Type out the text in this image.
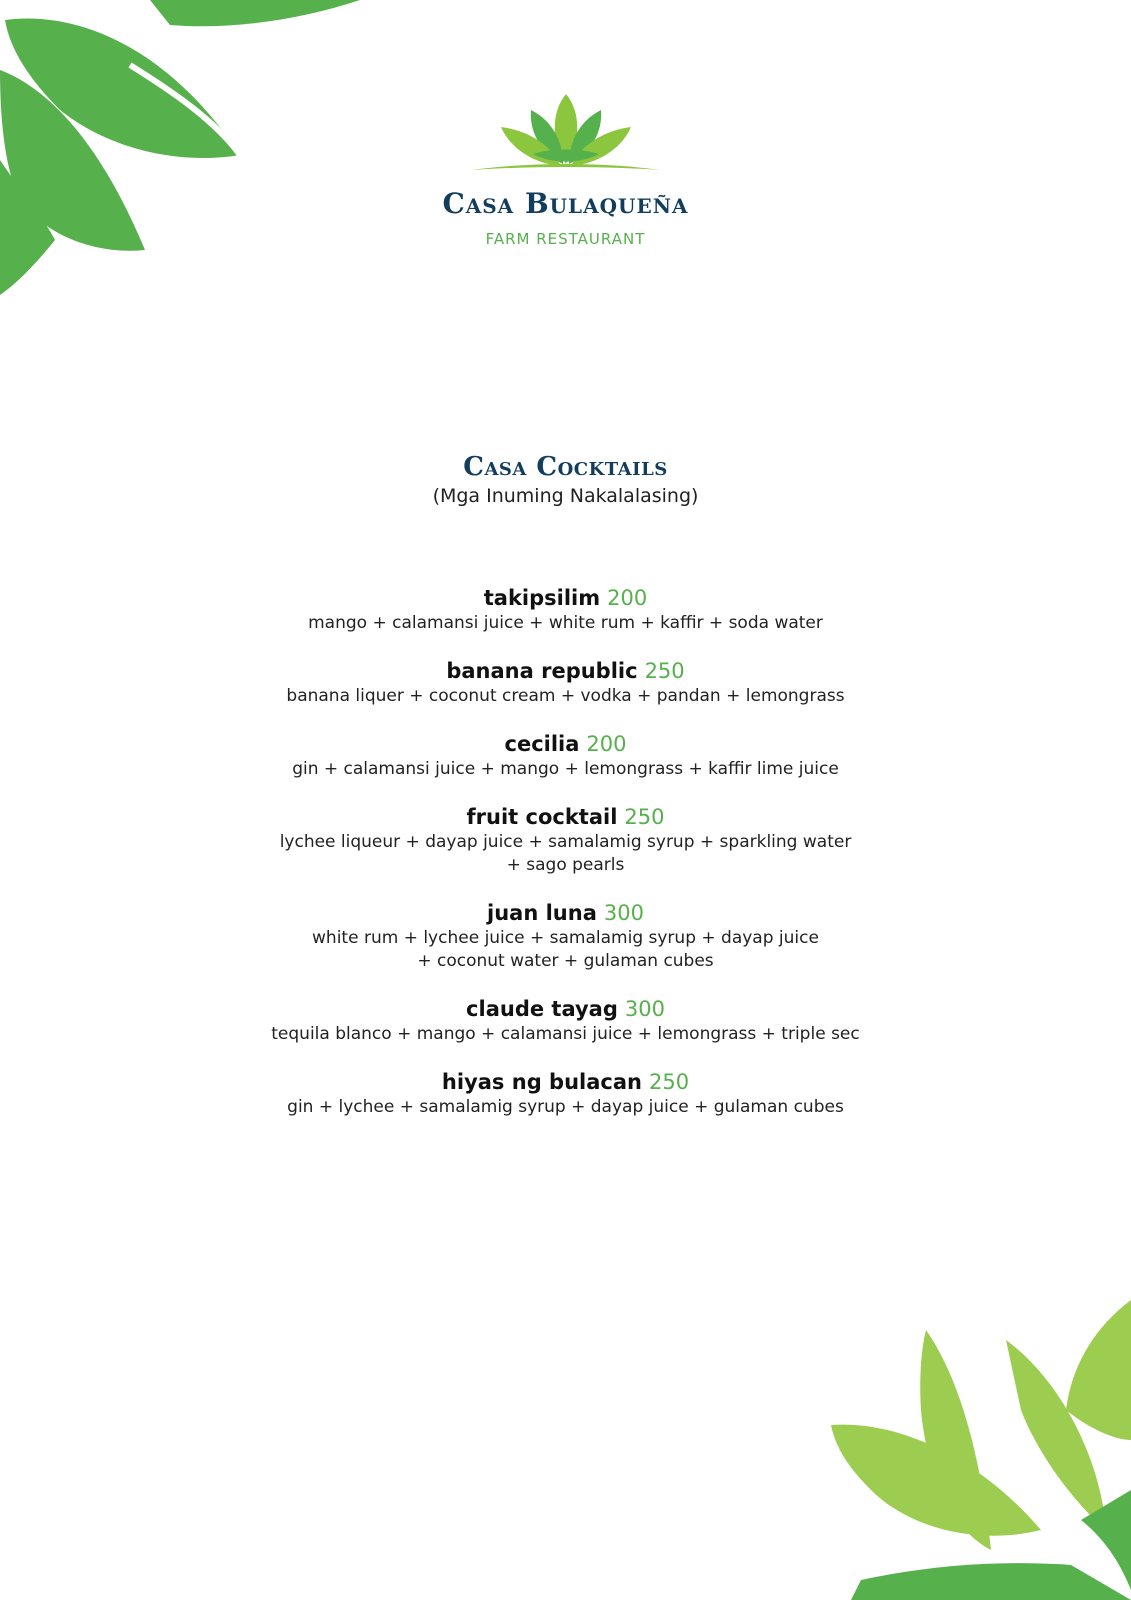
Casa Bulaqueña
FARM RESTAURANT
Casa Cocktails
(Mga Inuming Nakalalasing)
takipsilim 200
mango + calamansi juice + white rum + kaffir + soda water
banana republic 250
banana liquer + coconut cream + vodka + pandan + lemongrass
cecilia 200
gin + calamansi juice + mango + lemongrass + kaffir lime juice
fruit cocktail 250
lychee liqueur + dayap juice + samalamig syrup + sparkling water
+ sago pearls
juan luna 300
white rum + lychee juice + samalamig syrup + dayap juice
+ coconut water + gulaman cubes
claude tayag 300
tequila blanco + mango + calamansi juice + lemongrass + triple sec
hiyas ng bulacan 250
gin + lychee + samalamig syrup + dayap juice + gulaman cubes
